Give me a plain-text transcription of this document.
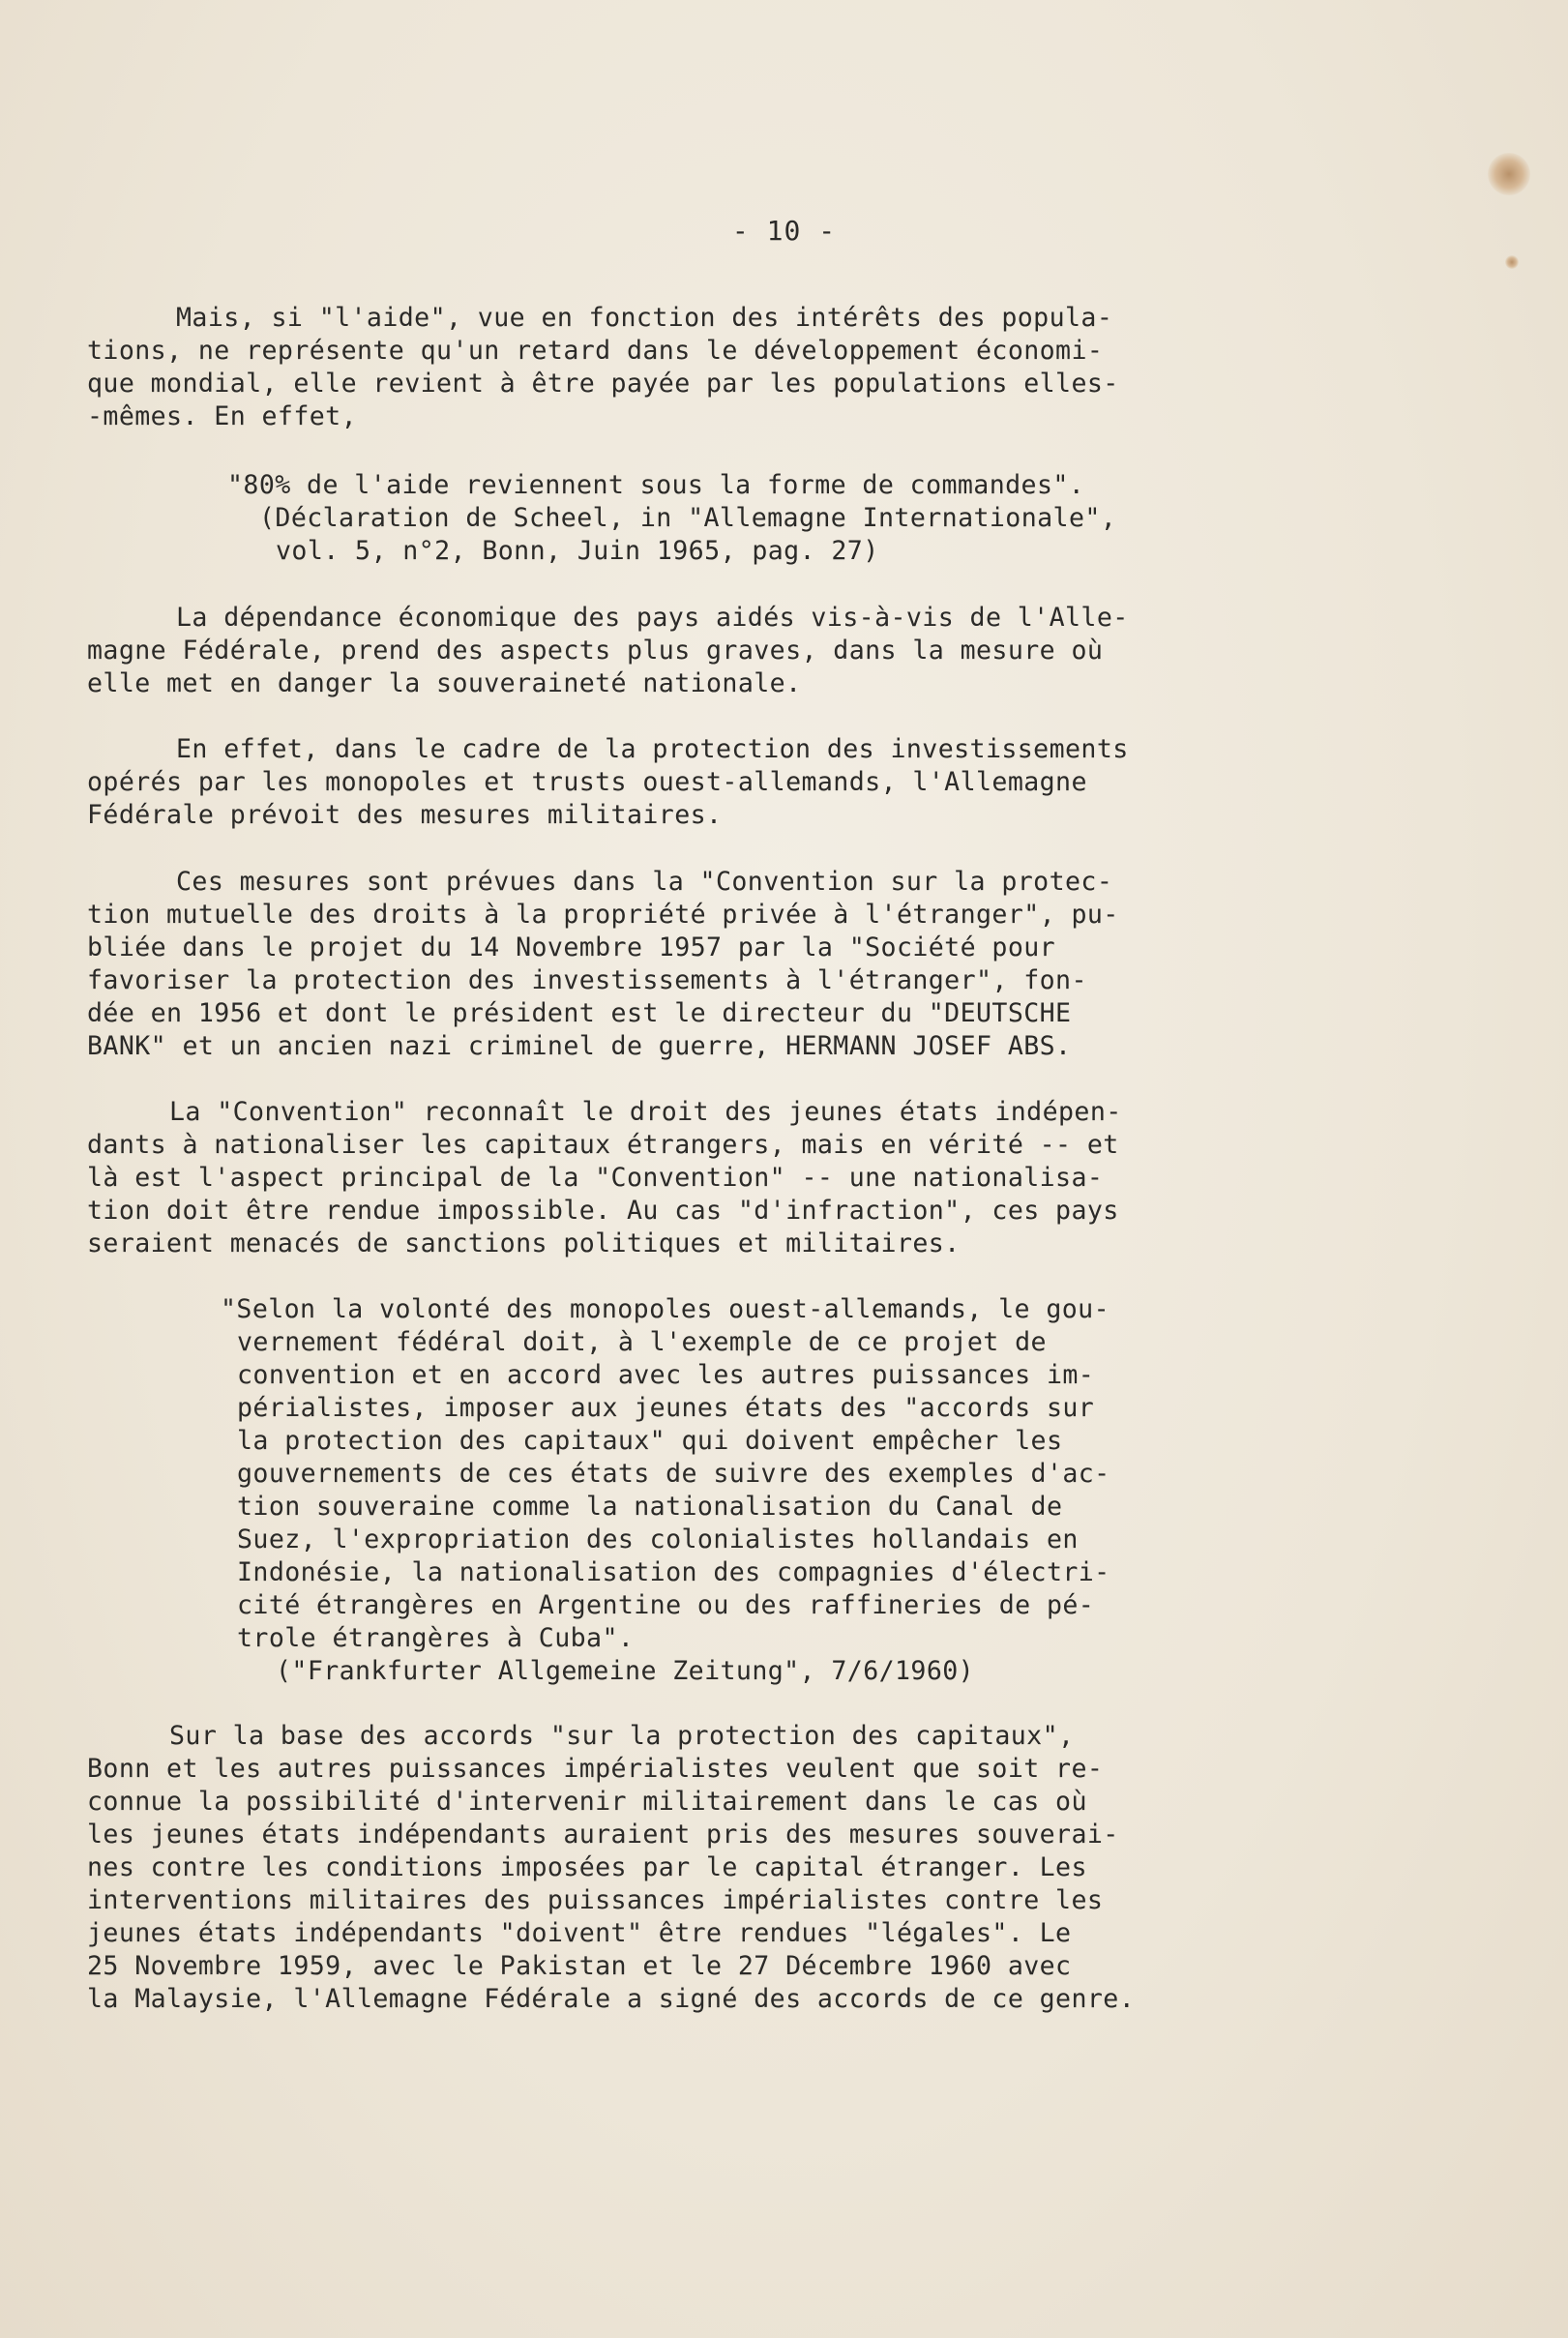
- 10 -
Mais, si "l'aide", vue en fonction des intérêts des popula-
tions, ne représente qu'un retard dans le développement économi-
que mondial, elle revient à être payée par les populations elles-
-mêmes. En effet,
"80% de l'aide reviennent sous la forme de commandes".
(Déclaration de Scheel, in "Allemagne Internationale",
vol. 5, n°2, Bonn, Juin 1965, pag. 27)
La dépendance économique des pays aidés vis-à-vis de l'Alle-
magne Fédérale, prend des aspects plus graves, dans la mesure où
elle met en danger la souveraineté nationale.
En effet, dans le cadre de la protection des investissements
opérés par les monopoles et trusts ouest-allemands, l'Allemagne
Fédérale prévoit des mesures militaires.
Ces mesures sont prévues dans la "Convention sur la protec-
tion mutuelle des droits à la propriété privée à l'étranger", pu-
bliée dans le projet du 14 Novembre 1957 par la "Société pour
favoriser la protection des investissements à l'étranger", fon-
dée en 1956 et dont le président est le directeur du "DEUTSCHE
BANK" et un ancien nazi criminel de guerre, HERMANN JOSEF ABS.
La "Convention" reconnaît le droit des jeunes états indépen-
dants à nationaliser les capitaux étrangers, mais en vérité -- et
là est l'aspect principal de la "Convention" -- une nationalisa-
tion doit être rendue impossible. Au cas "d'infraction", ces pays
seraient menacés de sanctions politiques et militaires.
"Selon la volonté des monopoles ouest-allemands, le gou-
vernement fédéral doit, à l'exemple de ce projet de
convention et en accord avec les autres puissances im-
périalistes, imposer aux jeunes états des "accords sur
la protection des capitaux" qui doivent empêcher les
gouvernements de ces états de suivre des exemples d'ac-
tion souveraine comme la nationalisation du Canal de
Suez, l'expropriation des colonialistes hollandais en
Indonésie, la nationalisation des compagnies d'électri-
cité étrangères en Argentine ou des raffineries de pé-
trole étrangères à Cuba".
("Frankfurter Allgemeine Zeitung", 7/6/1960)
Sur la base des accords "sur la protection des capitaux",
Bonn et les autres puissances impérialistes veulent que soit re-
connue la possibilité d'intervenir militairement dans le cas où
les jeunes états indépendants auraient pris des mesures souverai-
nes contre les conditions imposées par le capital étranger. Les
interventions militaires des puissances impérialistes contre les
jeunes états indépendants "doivent" être rendues "légales". Le
25 Novembre 1959, avec le Pakistan et le 27 Décembre 1960 avec
la Malaysie, l'Allemagne Fédérale a signé des accords de ce genre.
